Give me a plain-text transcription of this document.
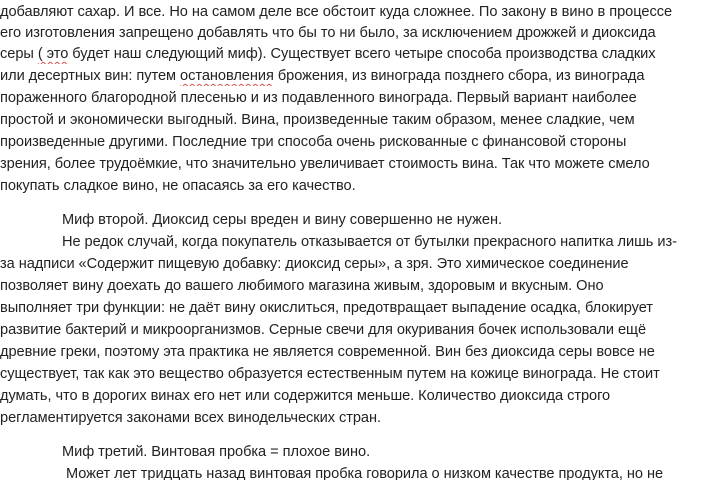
добавляют сахар. И все. Но на самом деле все обстоит куда сложнее. По закону в вино в процессе
его изготовления запрещено добавлять что бы то ни было, за исключением дрожжей и диоксида
серы ( это будет наш следующий миф). Существует всего четыре способа производства сладких
или десертных вин: путем остановления брожения, из винограда позднего сбора, из винограда
пораженного благородной плесенью и из подавленного винограда. Первый вариант наиболее
простой и экономически выгодный. Вина, произведенные таким образом, менее сладкие, чем
произведенные другими. Последние три способа очень рискованные с финансовой стороны
зрения, более трудоёмкие, что значительно увеличивает стоимость вина. Так что можете смело
покупать сладкое вино, не опасаясь за его качество.
Миф второй. Диоксид серы вреден и вину совершенно не нужен.
Не редок случай, когда покупатель отказывается от бутылки прекрасного напитка лишь из-
за надписи «Содержит пищевую добавку: диоксид серы», а зря. Это химическое соединение
позволяет вину доехать до вашего любимого магазина живым, здоровым и вкусным. Оно
выполняет три функции: не даёт вину окислиться, предотвращает выпадение осадка, блокирует
развитие бактерий и микроорганизмов. Серные свечи для окуривания бочек использовали ещё
древние греки, поэтому эта практика не является современной. Вин без диоксида серы вовсе не
существует, так как это вещество образуется естественным путем на кожице винограда. Не стоит
думать, что в дорогих винах его нет или содержится меньше. Количество диоксида строго
регламентируется законами всех винодельческих стран.
Миф третий. Винтовая пробка = плохое вино.
Может лет тридцать назад винтовая пробка говорила о низком качестве продукта, но не
